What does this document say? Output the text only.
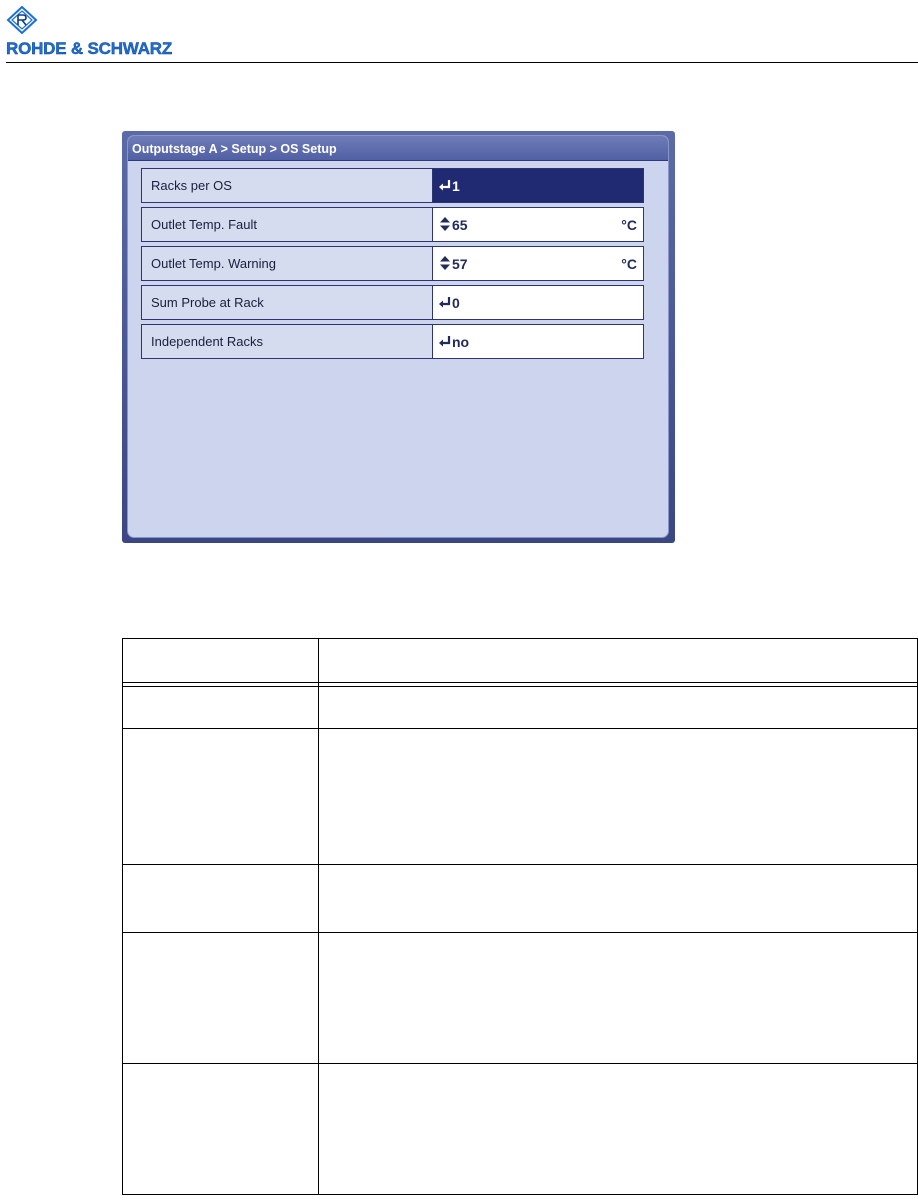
ROHDE & SCHWARZ
Outputstage A > Setup > OS Setup
Racks per OS	1
Outlet Temp. Fault	65	°C
Outlet Temp. Warning	57	°C
Sum Probe at Rack	0
Independent Racks	no
